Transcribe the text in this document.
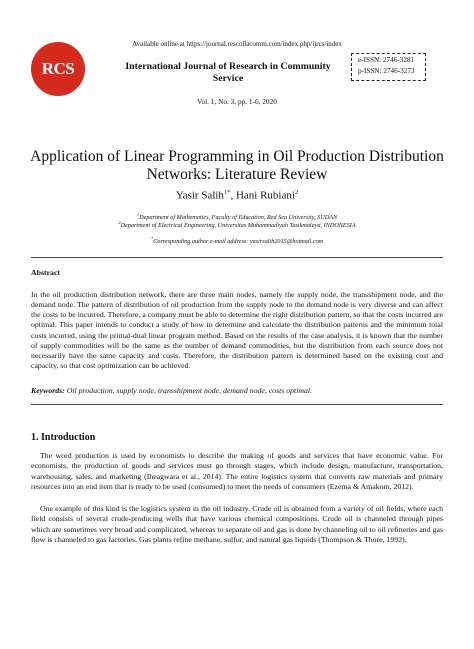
Available online at https://journal.rescollacomm.com/index.php/ijrcs/index
RCS	International Journal of Research in Community Service
e-ISSN: 2746-3281
p-ISSN: 2746-3273
Vol. 1, No. 3, pp. 1-6, 2020
Application of Linear Programming in Oil Production Distribution Networks: Literature Review
Yasir Salih$^{1*}$, Hani Rubiani$^2$
$^1$Department of Mathematics, Faculty of Education, Red Sea University, SUDAN
$^2$Department of Electrical Engineering, Universitas Muhammadiyah Tasikmalaya, INDONESIA
*Corresponding author e-mail address: yasirsalih2015@hotmail.com
Abstract
In the oil production distribution network, there are three main nodes, namely the supply node, the transshipment node, and the demand node. The pattern of distribution of oil production from the supply node to the demand node is very diverse and can affect the costs to be incurred. Therefore, a company must be able to determine the right distribution pattern, so that the costs incurred are optimal. This paper intends to conduct a study of how to determine and calculate the distribution patterns and the minimum total costs incurred, using the primal-dual linear program method. Based on the results of the case analysis, it is known that the number of supply commodities will be the same as the number of demand commodities, but the distribution from each source does not necessarily have the same capacity and costs. Therefore, the distribution pattern is determined based on the existing cost and capacity, so that cost optimization can be achieved.
Keywords: Oil production, supply node, transshipment node, demand node, costs optimal.
1. Introduction
The word production is used by economists to describe the making of goods and services that have economic value. For economists, the production of goods and services must go through stages, which include design, manufacture, transportation, warehousing, sales, and marketing (Iheagwara et al., 2014). The entire logistics system that converts raw materials and primary resources into an end item that is ready to be used (consumed) to meet the needs of consumers (Ezema & Amakom, 2012).
One example of this kind is the logistics system in the oil industry. Crude oil is obtained from a variety of oil fields, where each field consists of several crude-producing wells that have various chemical compositions. Crude oil is channeled through pipes which are sometimes very broad and complicated, whereas to separate oil and gas is done by channeling oil to oil refineries and gas flow is channeled to gas factories. Gas plants refine methane, sulfur, and natural gas liquids (Thompson & Thore, 1992).
